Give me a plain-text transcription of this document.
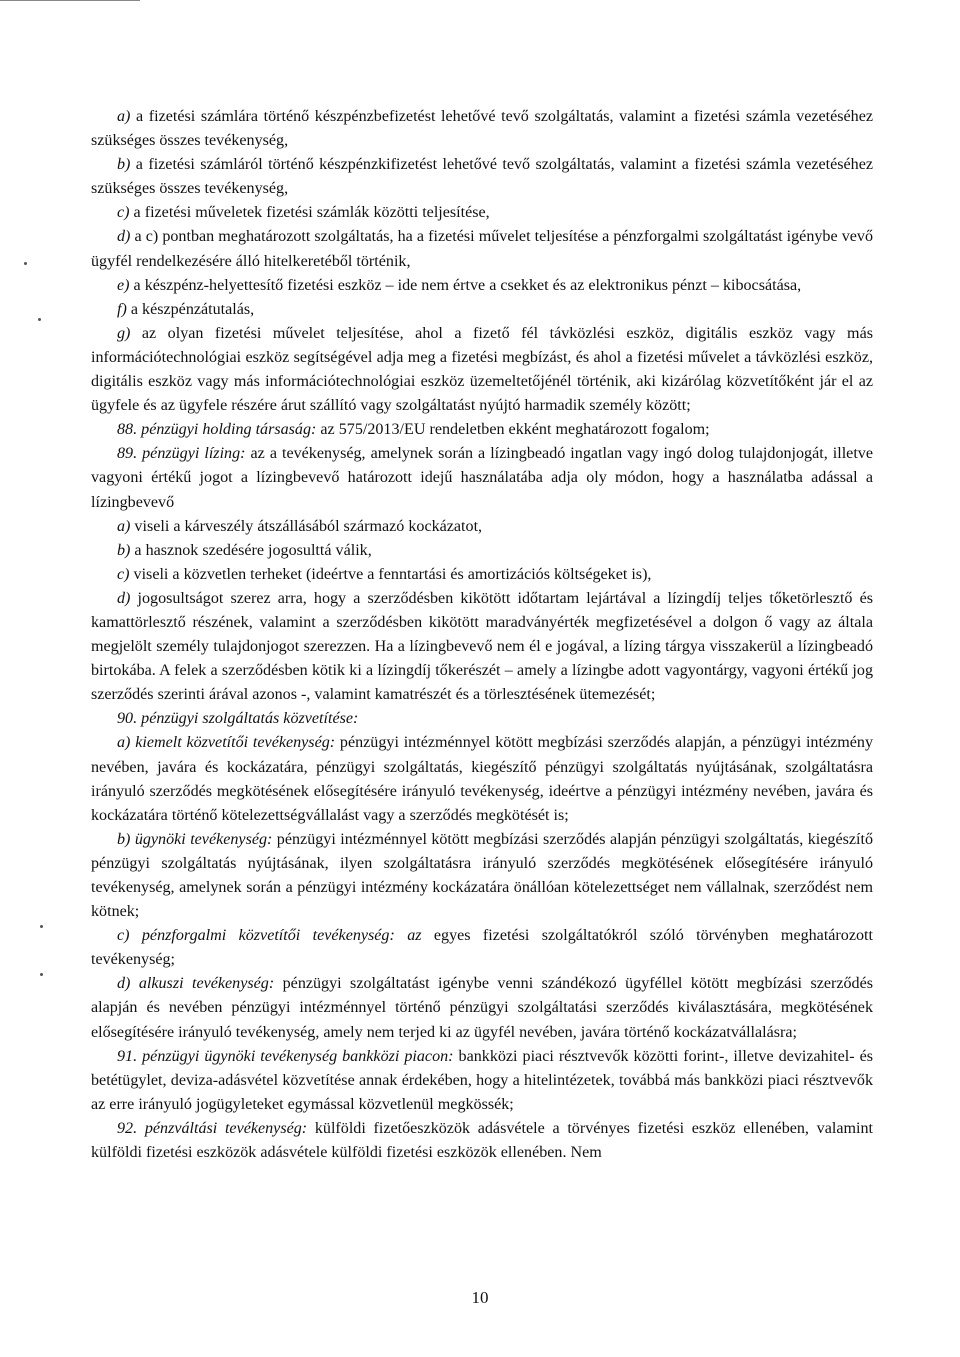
a) a fizetési számlára történő készpénzbefizetést lehetővé tevő szolgáltatás, valamint a fizetési számla vezetéséhez szükséges összes tevékenység,

b) a fizetési számláról történő készpénzkifizetést lehetővé tevő szolgáltatás, valamint a fizetési számla vezetéséhez szükséges összes tevékenység,

c) a fizetési műveletek fizetési számlák közötti teljesítése,

d) a c) pontban meghatározott szolgáltatás, ha a fizetési művelet teljesítése a pénzforgalmi szolgáltatást igénybe vevő ügyfél rendelkezésére álló hitelkeretéből történik,

e) a készpénz-helyettesítő fizetési eszköz – ide nem értve a csekket és az elektronikus pénzt – kibocsátása,

f) a készpénzátutalás,

g) az olyan fizetési művelet teljesítése, ahol a fizető fél távközlési eszköz, digitális eszköz vagy más információtechnológiai eszköz segítségével adja meg a fizetési megbízást, és ahol a fizetési művelet a távközlési eszköz, digitális eszköz vagy más információtechnológiai eszköz üzemeltetőjénél történik, aki kizárólag közvetítőként jár el az ügyfele és az ügyfele részére árut szállító vagy szolgáltatást nyújtó harmadik személy között;

88. pénzügyi holding társaság: az 575/2013/EU rendeletben ekként meghatározott fogalom;

89. pénzügyi lízing: az a tevékenység, amelynek során a lízingbeadó ingatlan vagy ingó dolog tulajdonjogát, illetve vagyoni értékű jogot a lízingbevevő határozott idejű használatába adja oly módon, hogy a használatba adással a lízingbevevő

a) viseli a kárveszély átszállásából származó kockázatot,

b) a hasznok szedésére jogosulttá válik,

c) viseli a közvetlen terheket (ideértve a fenntartási és amortizációs költségeket is),

d) jogosultságot szerez arra, hogy a szerződésben kikötött időtartam lejártával a lízingdíj teljes tőketörlesztő és kamattörlesztő részének, valamint a szerződésben kikötött maradványérték megfizetésével a dolgon ő vagy az általa megjelölt személy tulajdonjogot szerezzen. Ha a lízingbevevő nem él e jogával, a lízing tárgya visszakerül a lízingbeadó birtokába. A felek a szerződésben kötik ki a lízingdíj tőkerészét – amely a lízingbe adott vagyontárgy, vagyoni értékű jog szerződés szerinti árával azonos -, valamint kamatrészét és a törlesztésének ütemezését;

90. pénzügyi szolgáltatás közvetítése:

a) kiemelt közvetítői tevékenység: pénzügyi intézménnyel kötött megbízási szerződés alapján, a pénzügyi intézmény nevében, javára és kockázatára, pénzügyi szolgáltatás, kiegészítő pénzügyi szolgáltatás nyújtásának, szolgáltatásra irányuló szerződés megkötésének elősegítésére irányuló tevékenység, ideértve a pénzügyi intézmény nevében, javára és kockázatára történő kötelezettségvállalást vagy a szerződés megkötését is;

b) ügynöki tevékenység: pénzügyi intézménnyel kötött megbízási szerződés alapján pénzügyi szolgáltatás, kiegészítő pénzügyi szolgáltatás nyújtásának, ilyen szolgáltatásra irányuló szerződés megkötésének elősegítésére irányuló tevékenység, amelynek során a pénzügyi intézmény kockázatára önállóan kötelezettséget nem vállalnak, szerződést nem kötnek;

c) pénzforgalmi közvetítői tevékenység: az egyes fizetési szolgáltatókról szóló törvényben meghatározott tevékenység;

d) alkuszi tevékenység: pénzügyi szolgáltatást igénybe venni szándékozó ügyféllel kötött megbízási szerződés alapján és nevében pénzügyi intézménnyel történő pénzügyi szolgáltatási szerződés kiválasztására, megkötésének elősegítésére irányuló tevékenység, amely nem terjed ki az ügyfél nevében, javára történő kockázatvállalásra;

91. pénzügyi ügynöki tevékenység bankközi piacon: bankközi piaci résztvevők közötti forint-, illetve devizahitel- és betétügylet, deviza-adásvétel közvetítése annak érdekében, hogy a hitelintézetek, továbbá más bankközi piaci résztvevők az erre irányuló jogügyleteket egymással közvetlenül megkössék;

92. pénzváltási tevékenység: külföldi fizetőeszközök adásvétele a törvényes fizetési eszköz ellenében, valamint külföldi fizetési eszközök adásvétele külföldi fizetési eszközök ellenében. Nem

10
